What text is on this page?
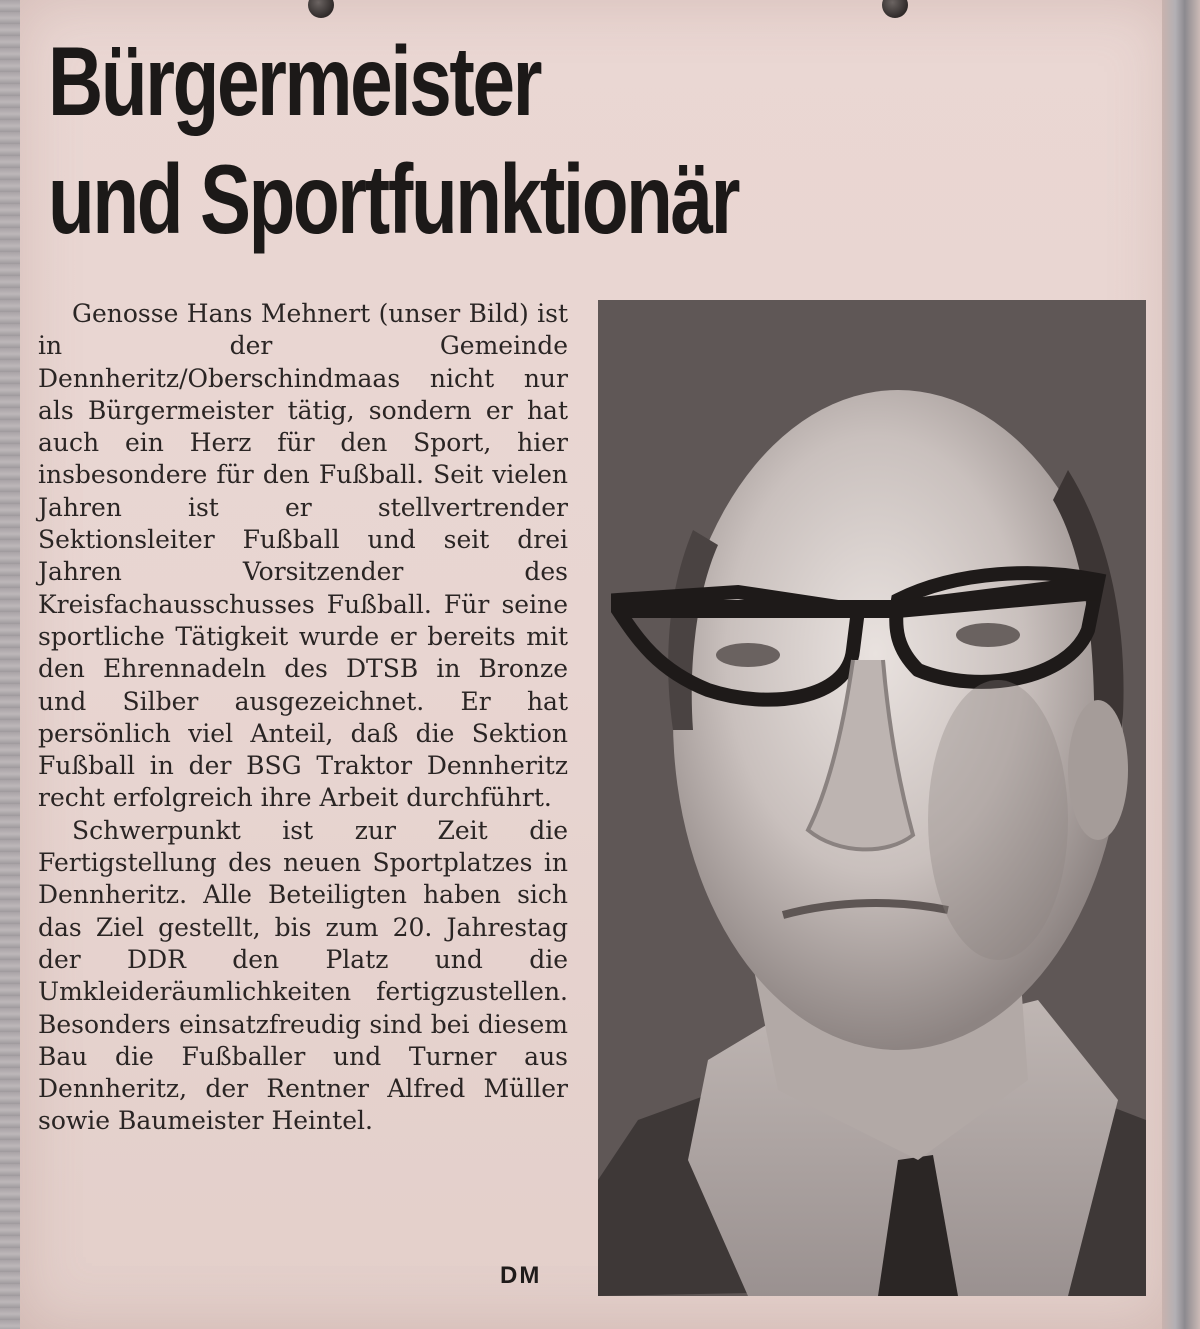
Bürgermeister
und Sportfunktionär

Genosse Hans Mehnert (unser Bild) ist in der Gemeinde Dennheritz/Oberschindmaas nicht nur als Bürgermeister tätig, sondern er hat auch ein Herz für den Sport, hier insbesondere für den Fußball. Seit vielen Jahren ist er stellvertrender Sektionsleiter Fußball und seit drei Jahren Vorsitzender des Kreisfachausschusses Fußball. Für seine sportliche Tätigkeit wurde er bereits mit den Ehrennadeln des DTSB in Bronze und Silber ausgezeichnet. Er hat persönlich viel Anteil, daß die Sektion Fußball in der BSG Traktor Dennheritz recht erfolgreich ihre Arbeit durchführt.

Schwerpunkt ist zur Zeit die Fertigstellung des neuen Sportplatzes in Dennheritz. Alle Beteiligten haben sich das Ziel gestellt, bis zum 20. Jahrestag der DDR den Platz und die Umkleideräumlichkeiten fertigzustellen. Besonders einsatzfreudig sind bei diesem Bau die Fußballer und Turner aus Dennheritz, der Rentner Alfred Müller sowie Baumeister Heintel.

DM
